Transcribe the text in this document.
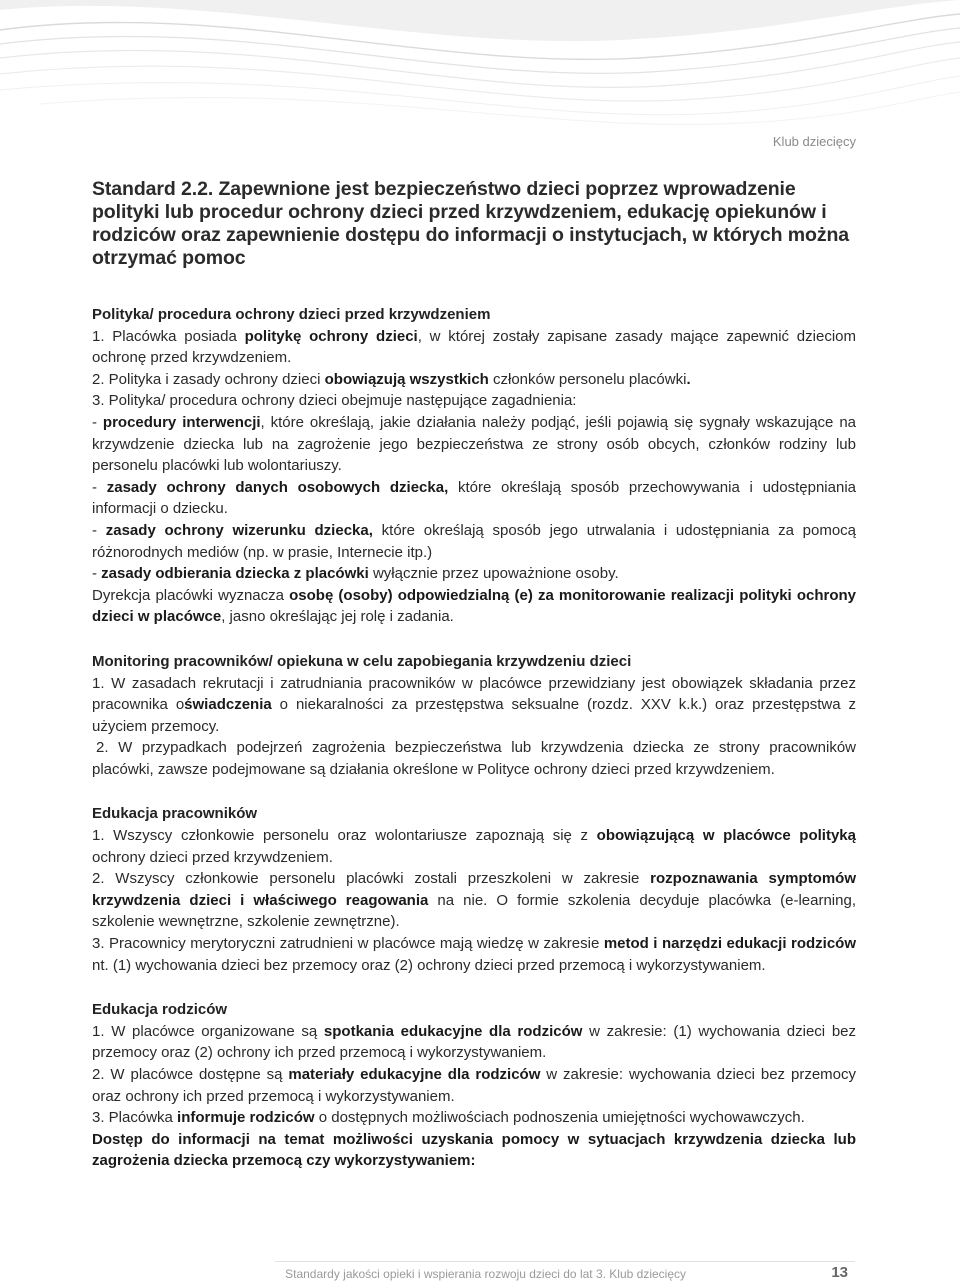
Klub dziecięcy
Standard 2.2. Zapewnione jest bezpieczeństwo dzieci poprzez wprowadzenie polityki lub procedur ochrony dzieci przed krzywdzeniem, edukację opiekunów i rodziców oraz zapewnienie dostępu do informacji o instytucjach, w których można otrzymać pomoc
Polityka/ procedura ochrony dzieci przed krzywdzeniem
1. Placówka posiada politykę ochrony dzieci, w której zostały zapisane zasady mające zapewnić dzieciom ochronę przed krzywdzeniem.
2. Polityka i zasady ochrony dzieci obowiązują wszystkich członków personelu placówki.
3. Polityka/ procedura ochrony dzieci obejmuje następujące zagadnienia:
- procedury interwencji, które określają, jakie działania należy podjąć, jeśli pojawią się sygnały wskazujące na krzywdzenie dziecka lub na zagrożenie jego bezpieczeństwa ze strony osób obcych, członków rodziny lub personelu placówki lub wolontariuszy.
- zasady ochrony danych osobowych dziecka, które określają sposób przechowywania i udostępniania informacji o dziecku.
- zasady ochrony wizerunku dziecka, które określają sposób jego utrwalania i udostępniania za pomocą różnorodnych mediów (np. w prasie, Internecie itp.)
- zasady odbierania dziecka z placówki wyłącznie przez upoważnione osoby.
Dyrekcja placówki wyznacza osobę (osoby) odpowiedzialną (e) za monitorowanie realizacji polityki ochrony dzieci w placówce, jasno określając jej rolę i zadania.
Monitoring pracowników/ opiekuna w celu zapobiegania krzywdzeniu dzieci
1. W zasadach rekrutacji i zatrudniania pracowników w placówce przewidziany jest obowiązek składania przez pracownika oświadczenia o niekaralności za przestępstwa seksualne (rozdz. XXV k.k.) oraz przestępstwa z użyciem przemocy.
2. W przypadkach podejrzeń zagrożenia bezpieczeństwa lub krzywdzenia dziecka ze strony pracowników placówki, zawsze podejmowane są działania określone w Polityce ochrony dzieci przed krzywdzeniem.
Edukacja pracowników
1. Wszyscy członkowie personelu oraz wolontariusze zapoznają się z obowiązującą w placówce polityką ochrony dzieci przed krzywdzeniem.
2. Wszyscy członkowie personelu placówki zostali przeszkoleni w zakresie rozpoznawania symptomów krzywdzenia dzieci i właściwego reagowania na nie. O formie szkolenia decyduje placówka (e-learning, szkolenie wewnętrzne, szkolenie zewnętrzne).
3. Pracownicy merytoryczni zatrudnieni w placówce mają wiedzę w zakresie metod i narzędzi edukacji rodziców nt. (1) wychowania dzieci bez przemocy oraz (2) ochrony dzieci przed przemocą i wykorzystywaniem.
Edukacja rodziców
1. W placówce organizowane są spotkania edukacyjne dla rodziców w zakresie: (1) wychowania dzieci bez przemocy oraz (2) ochrony ich przed przemocą i wykorzystywaniem.
2. W placówce dostępne są materiały edukacyjne dla rodziców w zakresie: wychowania dzieci bez przemocy oraz ochrony ich przed przemocą i wykorzystywaniem.
3. Placówka informuje rodziców o dostępnych możliwościach podnoszenia umiejętności wychowawczych.
Dostęp do informacji na temat możliwości uzyskania pomocy w sytuacjach krzywdzenia dziecka lub zagrożenia dziecka przemocą czy wykorzystywaniem:
Standardy jakości opieki i wspierania rozwoju dzieci do lat 3. Klub dziecięcy	13
